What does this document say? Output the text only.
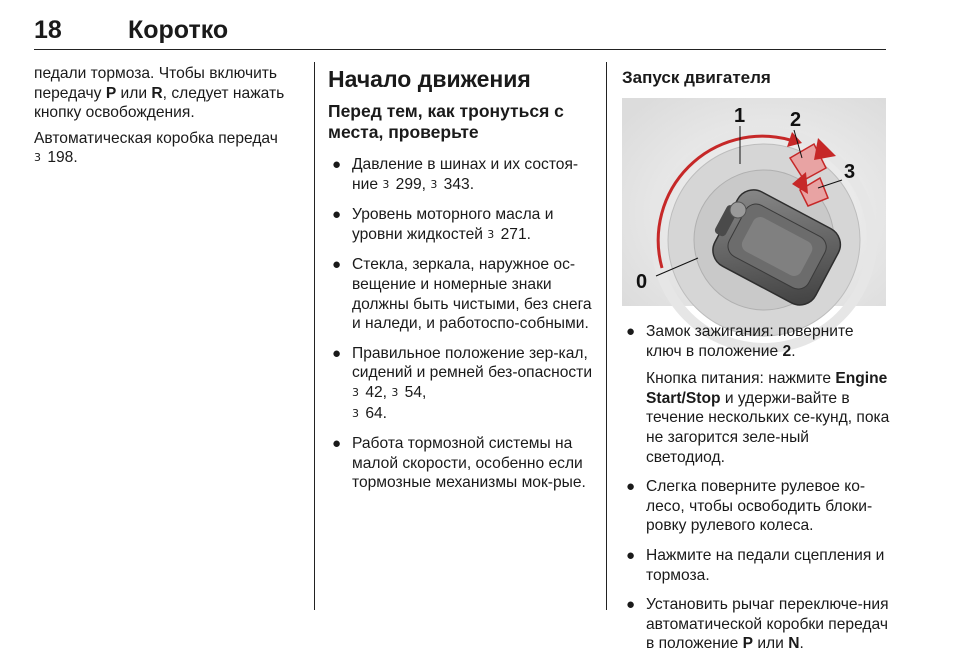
18	Коротко

педали тормоза. Чтобы включить передачу P или R, следует нажать кнопку освобождения.

Автоматическая коробка передач
3 198.

Начало движения
Перед тем, как тронуться с места, проверьте
● Давление в шинах и их состоя-ние 3 299, 3 343.
● Уровень моторного масла и уровни жидкостей 3 271.
● Стекла, зеркала, наружное ос-вещение и номерные знаки должны быть чистыми, без снега и наледи, и работоспо-собными.
● Правильное положение зер-кал, сидений и ремней без-опасности 3 42, 3 54,
3 64.
● Работа тормозной системы на малой скорости, особенно если тормозные механизмы мок-рые.
Запуск двигателя
0
1 2
3
● Замок зажигания: поверните ключ в положение 2.

Кнопка питания: нажмите Engine Start/Stop и удержи-вайте в течение нескольких се-кунд, пока не загорится зеле-ный светодиод.

● Слегка поверните рулевое ко-лесо, чтобы освободить блоки-ровку рулевого колеса.
● Нажмите на педали сцепления и тормоза.
● Установить рычаг переключе-ния автоматической коробки передач в положение P или N.
